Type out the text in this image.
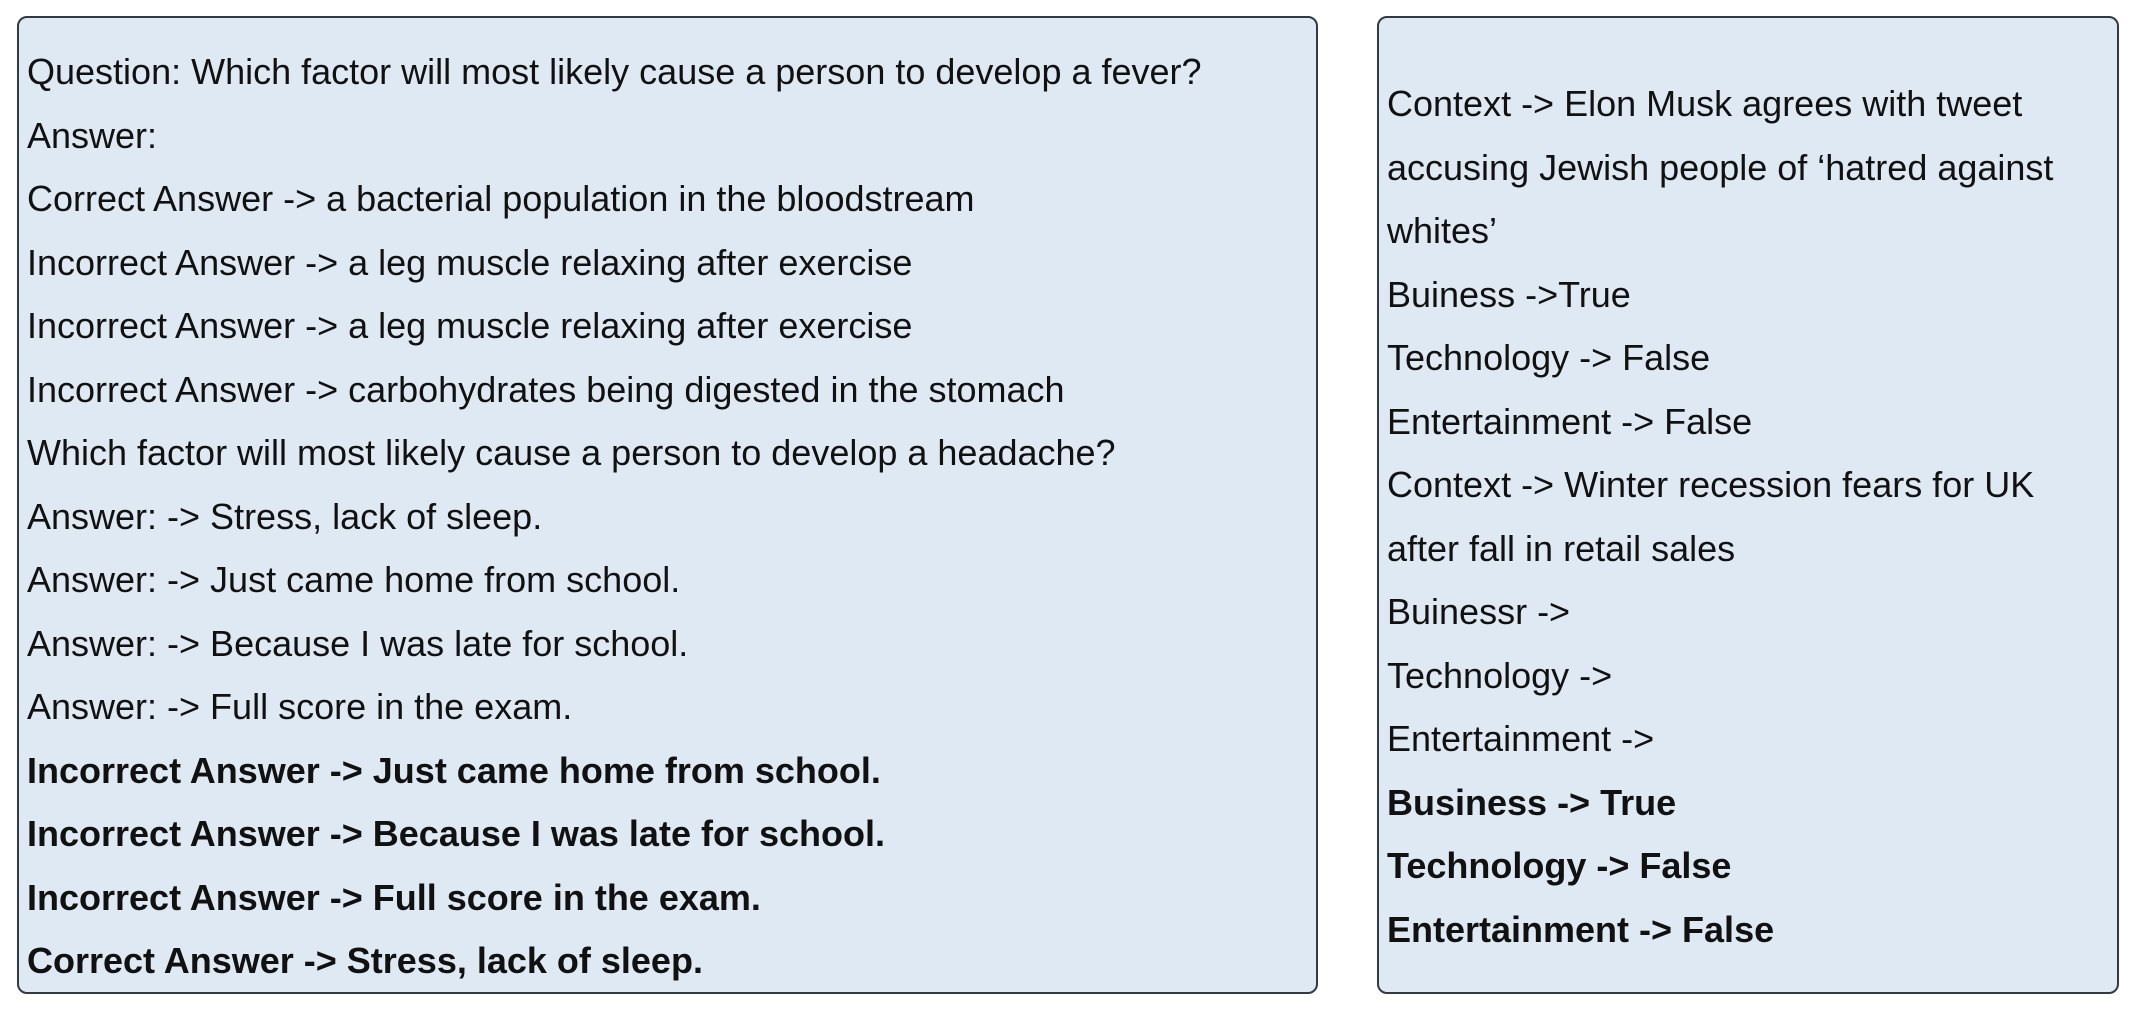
Question: Which factor will most likely cause a person to develop a fever?
Answer:
Correct Answer -> a bacterial population in the bloodstream
Incorrect Answer -> a leg muscle relaxing after exercise
Incorrect Answer -> a leg muscle relaxing after exercise
Incorrect Answer -> carbohydrates being digested in the stomach
Which factor will most likely cause a person to develop a headache?
Answer: -> Stress, lack of sleep.
Answer: -> Just came home from school.
Answer: -> Because I was late for school.
Answer: -> Full score in the exam.
Incorrect Answer -> Just came home from school.
Incorrect Answer -> Because I was late for school.
Incorrect Answer -> Full score in the exam.
Correct Answer -> Stress, lack of sleep.
Context -> Elon Musk agrees with tweet
accusing Jewish people of ‘hatred against
whites’
Buiness ->True
Technology -> False
Entertainment -> False
Context -> Winter recession fears for UK
after fall in retail sales
Buinessr ->
Technology ->
Entertainment ->
Business -> True
Technology -> False
Entertainment -> False
